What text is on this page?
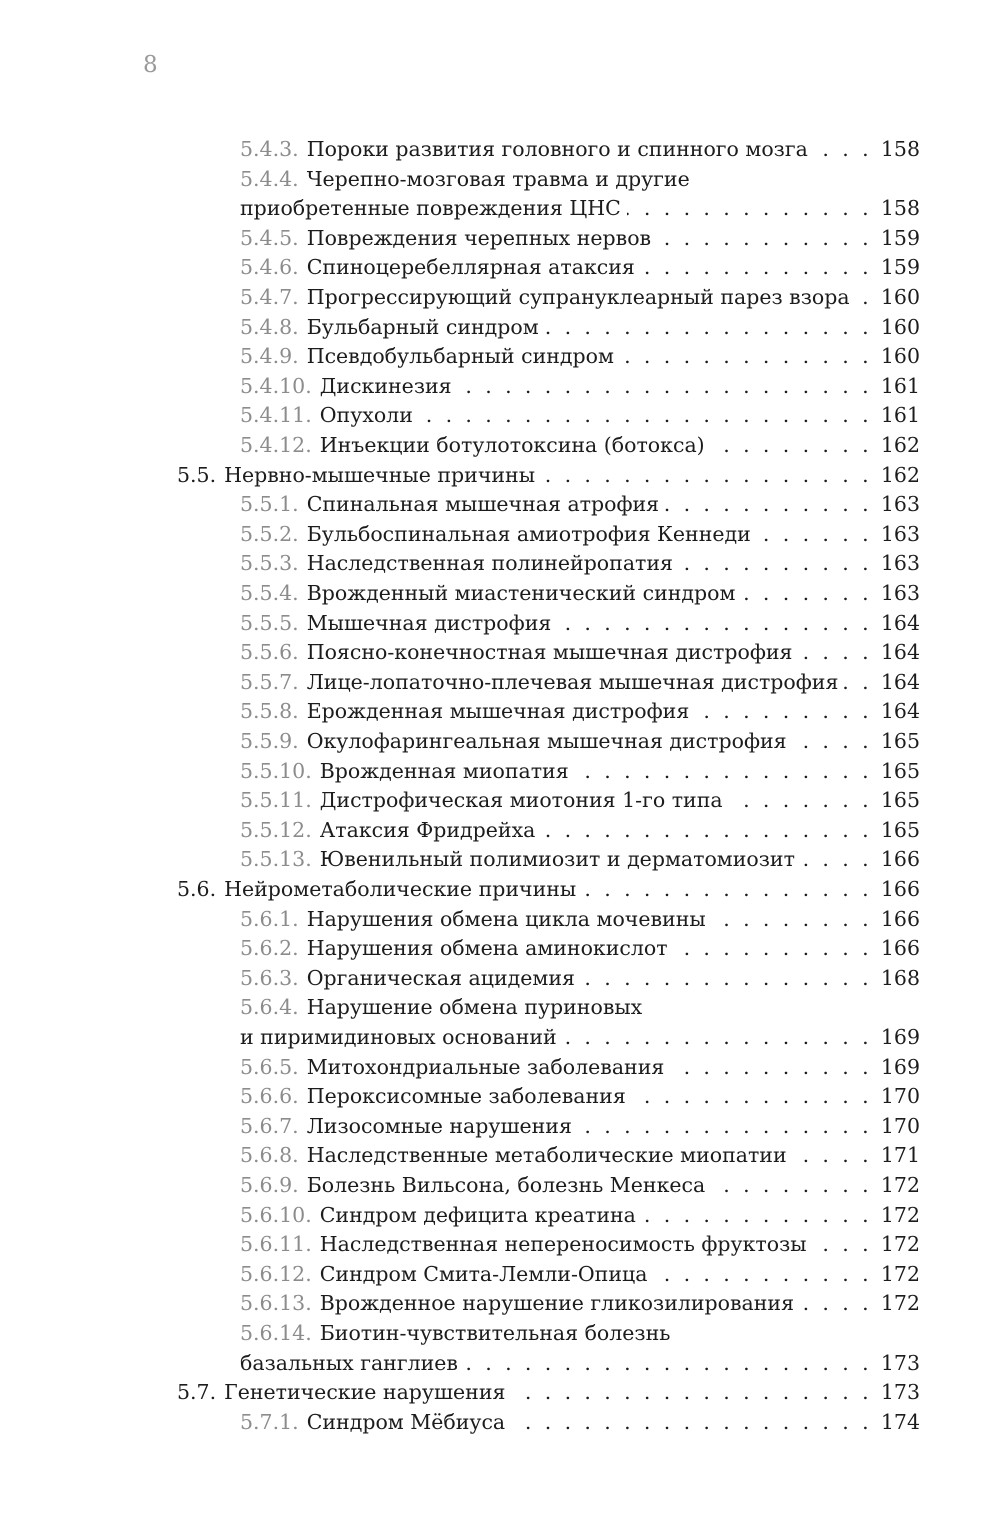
8
5.4.3. Пороки развития головного и спинного мозга . . .	158
5.4.4. Черепно-мозговая травма и другие
приобретенные повреждения ЦНС . . .	158
5.4.5. Повреждения черепных нервов . . .	159
5.4.6. Спиноцеребеллярная атаксия . . .	159
5.4.7. Прогрессирующий супрануклеарный парез взора . . . 160
5.4.8. Бульбарный синдром . . .	160
5.4.9. Псевдобульбарный синдром . . .	160
5.4.10. Дискинезия . . .	161
5.4.11. Опухоли . . .	161
5.4.12. Инъекции ботулотоксина (ботокса) . . .	162
5.5. Нервно-мышечные причины . . .	162
5.5.1. Спинальная мышечная атрофия . . .	163
5.5.2. Бульбоспинальная амиотрофия Кеннеди . . .	163
5.5.3. Наследственная полинейропатия . . .	163
5.5.4. Врожденный миастенический синдром . . .	163
5.5.5. Мышечная дистрофия . . .	164
5.5.6. Поясно-конечностная мышечная дистрофия . . .	164
5.5.7. Лице-лопаточно-плечевая мышечная дистрофия . . . 164
5.5.8. Ерожденная мышечная дистрофия . . .	164
5.5.9. Окулофарингеальная мышечная дистрофия . . .	165
5.5.10. Врожденная миопатия . . .	165
5.5.11. Дистрофическая миотония 1-го типа . . .	165
5.5.12. Атаксия Фридрейха . . .	165
5.5.13. Ювенильный полимиозит и дерматомиозит . . .	166
5.6. Нейрометаболические причины . . .	166
5.6.1. Нарушения обмена цикла мочевины . . .	166
5.6.2. Нарушения обмена аминокислот . . .	166
5.6.3. Органическая ацидемия . . .	168
5.6.4. Нарушение обмена пуриновых
и пиримидиновых оснований . . .	169
5.6.5. Митохондриальные заболевания . . .	169
5.6.6. Пероксисомные заболевания . . .	170
5.6.7. Лизосомные нарушения . . .	170
5.6.8. Наследственные метаболические миопатии . . .	171
5.6.9. Болезнь Вильсона, болезнь Менкеса . . .	172
5.6.10. Синдром дефицита креатина . . .	172
5.6.11. Наследственная непереносимость фруктозы . . .	172
5.6.12. Синдром Смита-Лемли-Опица . . .	172
5.6.13. Врожденное нарушение гликозилирования . . .	172
5.6.14. Биотин-чувствительная болезнь
базальных ганглиев . . .	173
5.7. Генетические нарушения . . .	173
5.7.1. Синдром Мёбиуса . . .	174
